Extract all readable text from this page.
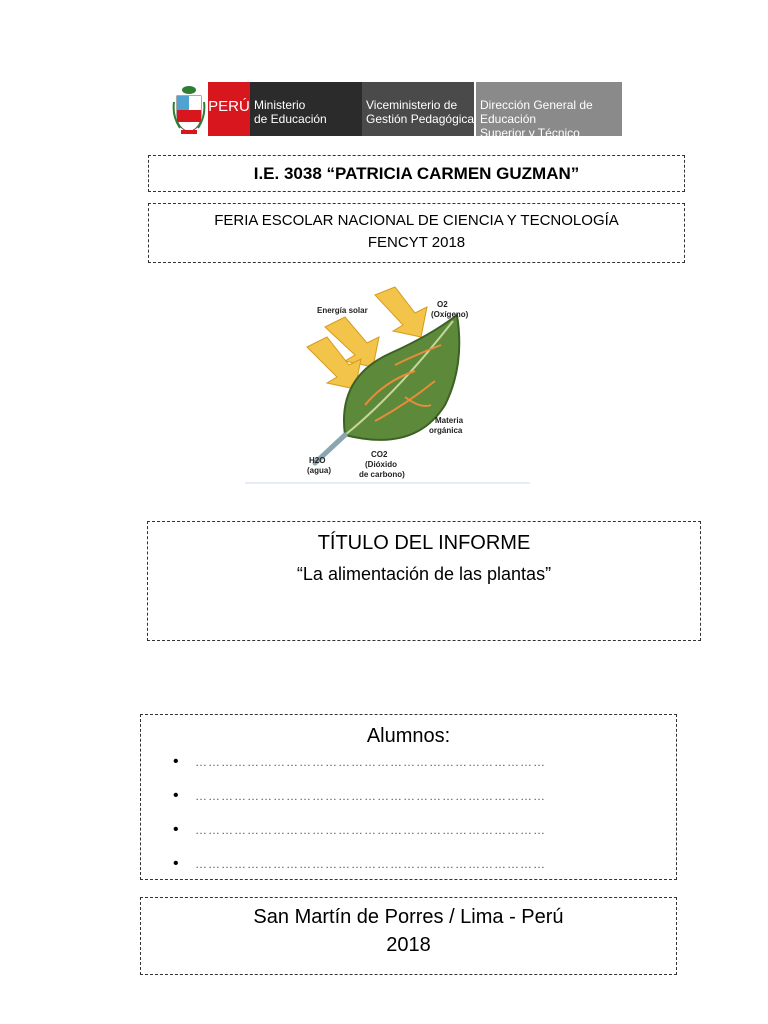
PERÚ Ministerio
de Educación
Viceministerio de
Gestión Pedagógica
Dirección General de Educación
Superior y Técnico Profesional
I.E. 3038 “PATRICIA CARMEN GUZMAN”
FERIA ESCOLAR NACIONAL DE CIENCIA Y TECNOLOGÍA
FENCYT 2018
Energía solar
O2
(Oxígeno)
Materia
orgánica
H2O
(agua)
CO2
(Dióxido
de carbono)
TÍTULO DEL INFORME
“La alimentación de las plantas”
Alumnos:
• ………………………………………………………………………
• ………………………………………………………………………
• ………………………………………………………………………
• ………………………………………………………………………
San Martín de Porres / Lima - Perú
2018
